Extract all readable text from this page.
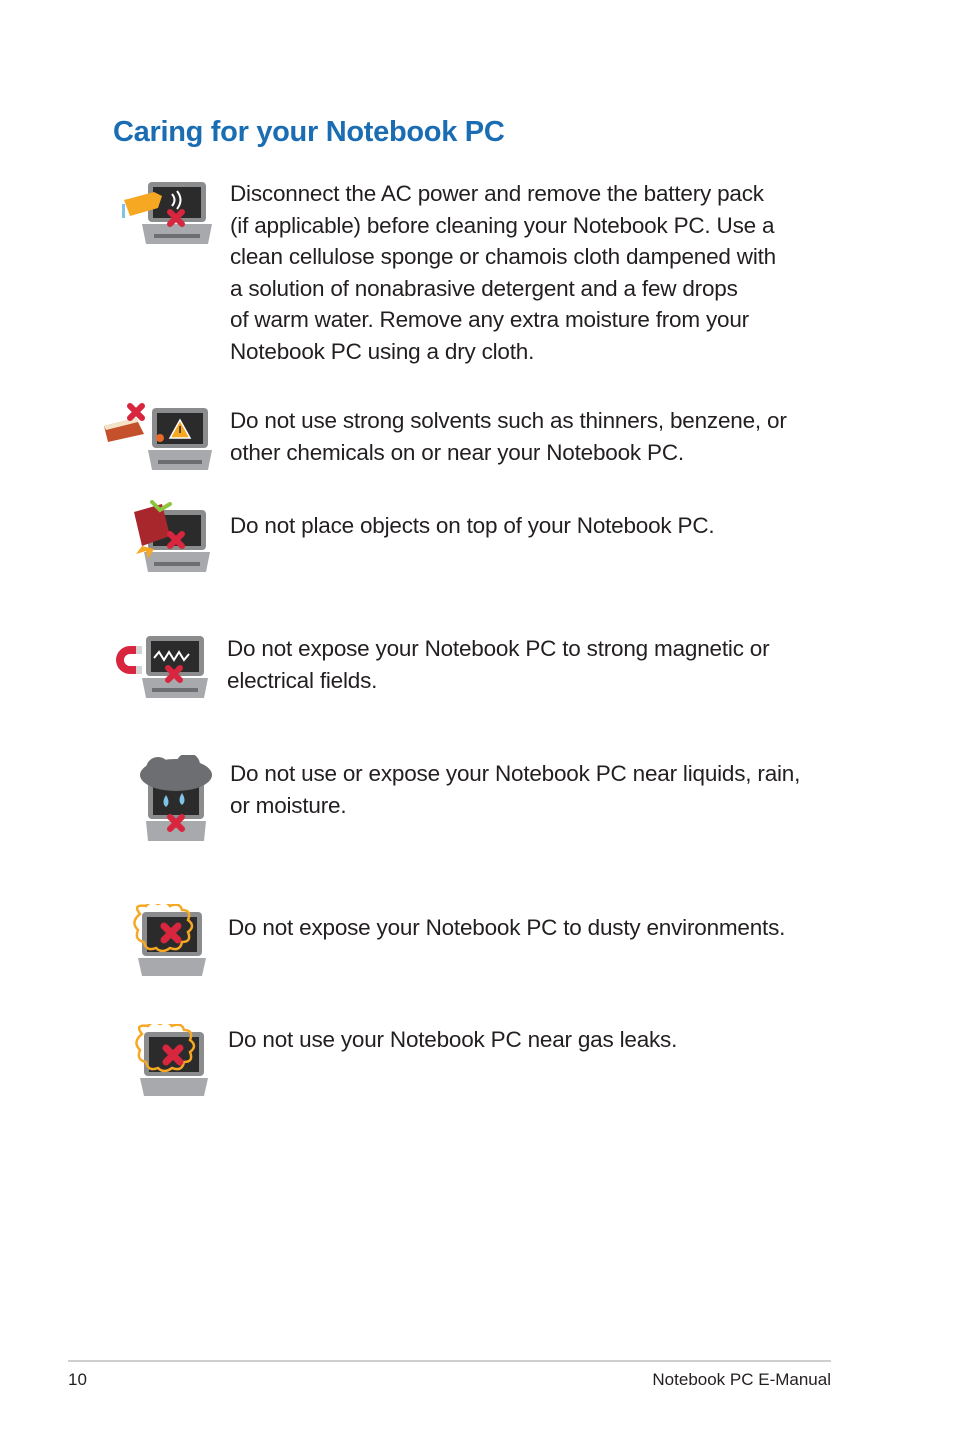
Caring for your Notebook PC

Disconnect the AC power and remove the battery pack
(if applicable) before cleaning your Notebook PC. Use a
clean cellulose sponge or chamois cloth dampened with
a solution of nonabrasive detergent and a few drops
of warm water. Remove any extra moisture from your
Notebook PC using a dry cloth.

Do not use strong solvents such as thinners, benzene, or
other chemicals on or near your Notebook PC.

Do not place objects on top of your Notebook PC.

Do not expose your Notebook PC to strong magnetic or
electrical fields.

Do not use or expose your Notebook PC near liquids, rain,
or moisture.

Do not expose your Notebook PC to dusty environments.

Do not use your Notebook PC near gas leaks.

10	Notebook PC E-Manual
